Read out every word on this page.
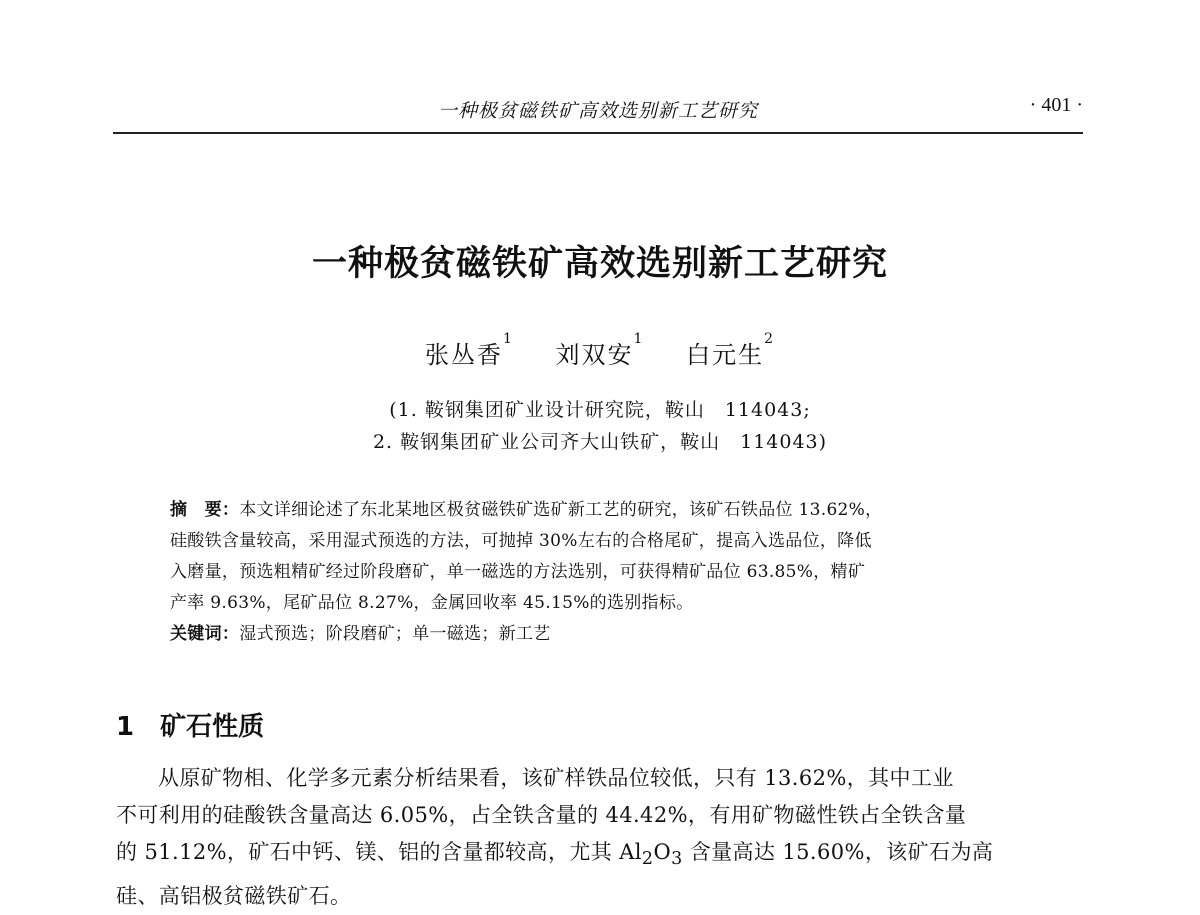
一种极贫磁铁矿高效选别新工艺研究	· 401 ·
一种极贫磁铁矿高效选别新工艺研究
张丛香$^1$ 刘双安$^1$ 白元生$^2$
(1. 鞍钢集团矿业设计研究院，鞍山　114043;
2. 鞍钢集团矿业公司齐大山铁矿，鞍山　114043)

摘　要：本文详细论述了东北某地区极贫磁铁矿选矿新工艺的研究，该矿石铁品位 13.62%，

硅酸铁含量较高，采用湿式预选的方法，可抛掉 30%左右的合格尾矿，提高入选品位，降低

入磨量，预选粗精矿经过阶段磨矿，单一磁选的方法选别，可获得精矿品位 63.85%，精矿

产率 9.63%，尾矿品位 8.27%，金属回收率 45.15%的选别指标。

关键词：湿式预选；阶段磨矿；单一磁选；新工艺

1 矿石性质
从原矿物相、化学多元素分析结果看，该矿样铁品位较低，只有 13.62%，其中工业
不可利用的硅酸铁含量高达 6.05%，占全铁含量的 44.42%，有用矿物磁性铁占全铁含量
的 51.12%，矿石中钙、镁、铝的含量都较高，尤其 $Al_2O_3$ 含量高达 15.60%，该矿石为高
硅、高铝极贫磁铁矿石。
